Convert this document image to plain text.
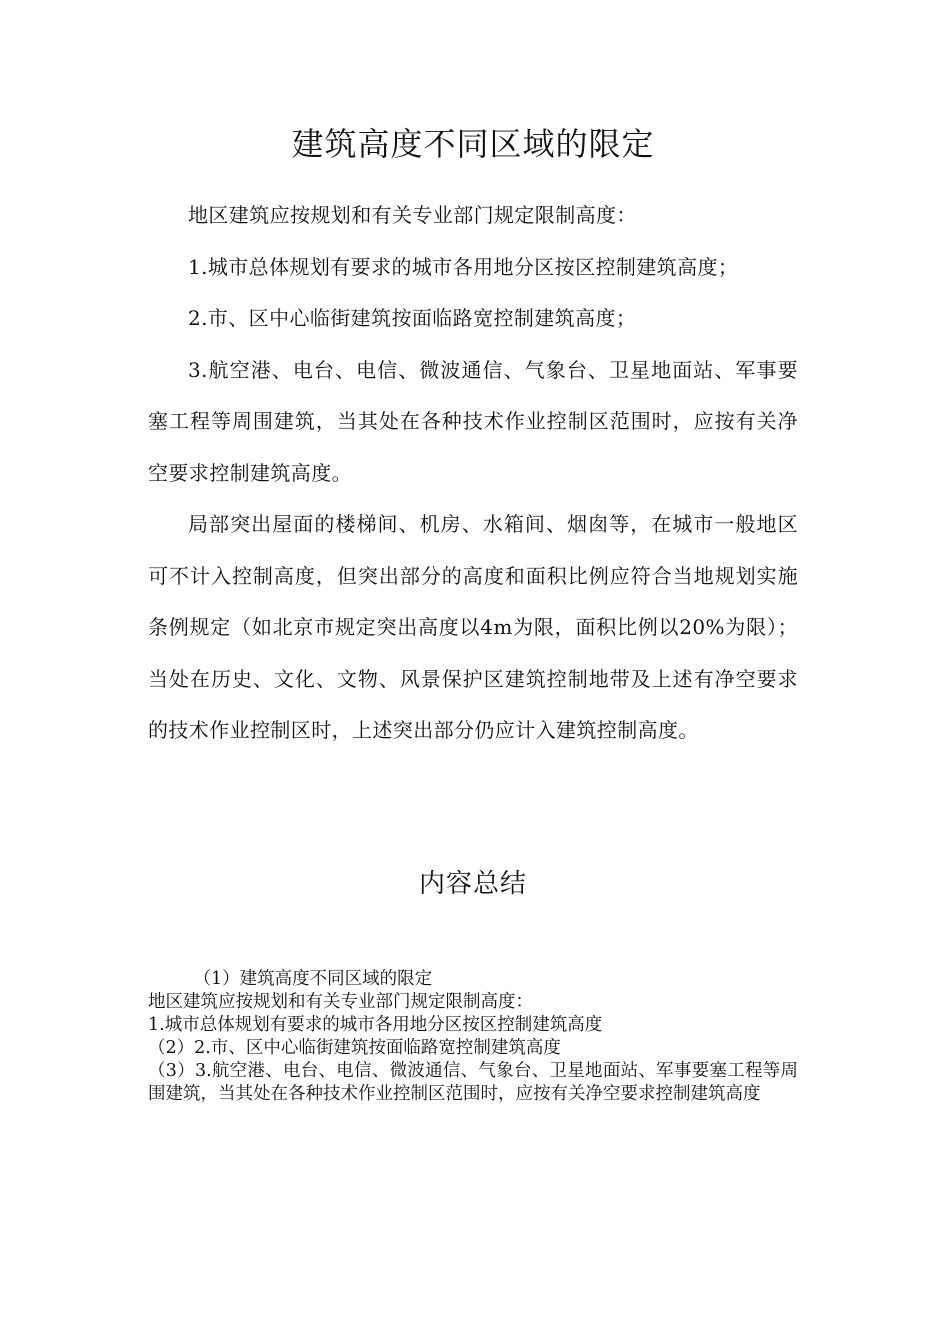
建筑高度不同区域的限定

地区建筑应按规划和有关专业部门规定限制高度：

1.城市总体规划有要求的城市各用地分区按区控制建筑高度；

2.市、区中心临街建筑按面临路宽控制建筑高度；

3.航空港、电台、电信、微波通信、气象台、卫星地面站、军事要塞工程等周围建筑，当其处在各种技术作业控制区范围时，应按有关净空要求控制建筑高度。

局部突出屋面的楼梯间、机房、水箱间、烟囱等，在城市一般地区可不计入控制高度，但突出部分的高度和面积比例应符合当地规划实施条例规定（如北京市规定突出高度以4m为限，面积比例以20%为限）；当处在历史、文化、文物、风景保护区建筑控制地带及上述有净空要求的技术作业控制区时，上述突出部分仍应计入建筑控制高度。

内容总结

（1）建筑高度不同区域的限定

地区建筑应按规划和有关专业部门规定限制高度：

1.城市总体规划有要求的城市各用地分区按区控制建筑高度

（2）2.市、区中心临街建筑按面临路宽控制建筑高度

（3）3.航空港、电台、电信、微波通信、气象台、卫星地面站、军事要塞工程等周围建筑，当其处在各种技术作业控制区范围时，应按有关净空要求控制建筑高度
